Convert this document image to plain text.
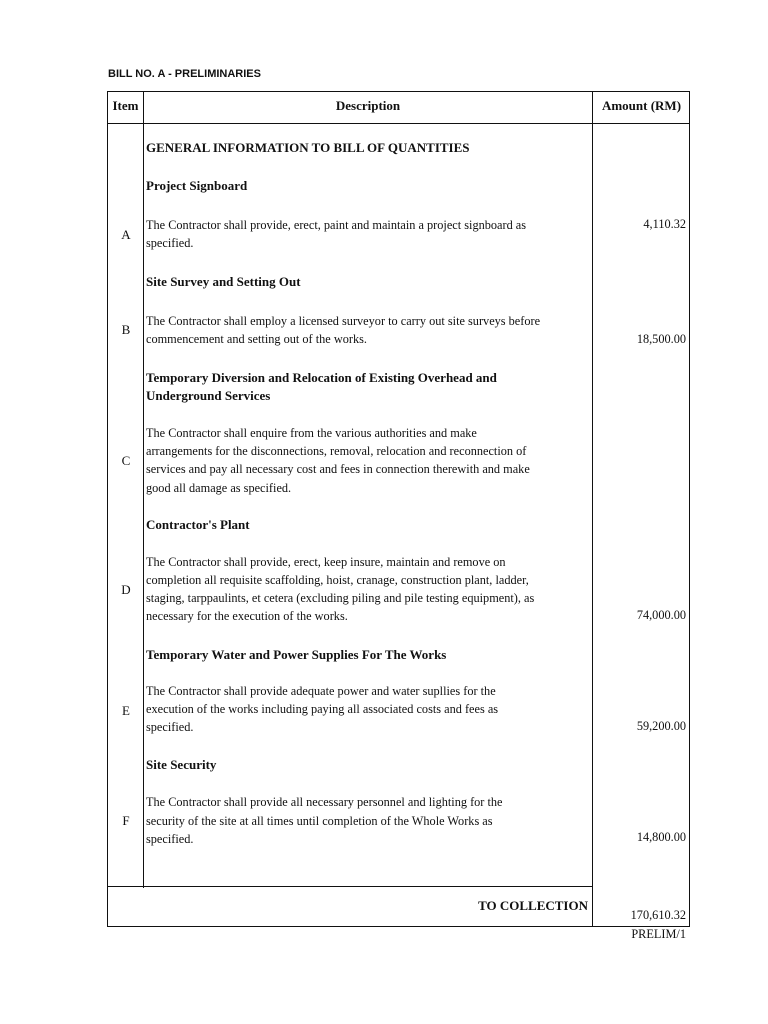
BILL NO. A - PRELIMINARIES
Item	Description	Amount (RM)
GENERAL INFORMATION TO BILL OF QUANTITIES
Project Signboard
The Contractor shall provide, erect, paint and maintain a project signboard as
specified.
A
4,110.32
Site Survey and Setting Out
The Contractor shall employ a licensed surveyor to carry out site surveys before
commencement and setting out of the works.
B
18,500.00
Temporary Diversion and Relocation of Existing Overhead and
Underground Services
The Contractor shall enquire from the various authorities and make
arrangements for the disconnections, removal, relocation and reconnection of
services and pay all necessary cost and fees in connection therewith and make
good all damage as specified.
C
Contractor's Plant
The Contractor shall provide, erect, keep insure, maintain and remove on
completion all requisite scaffolding, hoist, cranage, construction plant, ladder,
staging, tarppaulints, et cetera (excluding piling and pile testing equipment), as
necessary for the execution of the works.
D
74,000.00
Temporary Water and Power Supplies For The Works
The Contractor shall provide adequate power and water supllies for the
execution of the works including paying all associated costs and fees as
specified.
E
59,200.00
Site Security
The Contractor shall provide all necessary personnel and lighting for the
security of the site at all times until completion of the Whole Works as
specified.
F
14,800.00
TO COLLECTION
170,610.32
PRELIM/1
